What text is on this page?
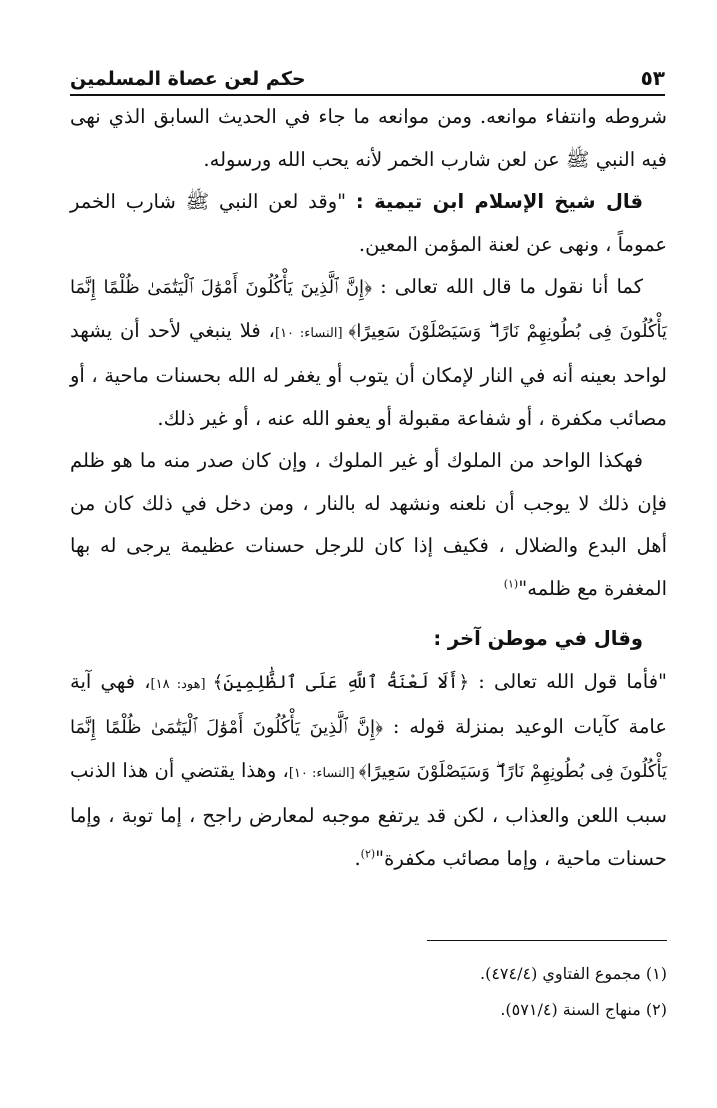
حكم لعن عصاة المسلمين	٥٣

شروطه وانتفاء موانعه. ومن موانعه ما جاء في الحديث السابق الذي نهى فيه النبي ﷺ عن لعن شارب الخمر لأنه يحب الله ورسوله.

قال شيخ الإسلام ابن تيمية : "وقد لعن النبي ﷺ شارب الخمر عموماً ، ونهى عن لعنة المؤمن المعين.

كما أنا نقول ما قال الله تعالى : ﴿إِنَّ ٱلَّذِينَ يَأْكُلُونَ أَمْوَٰلَ ٱلْيَتَٰمَىٰ ظُلْمًا إِنَّمَا يَأْكُلُونَ فِى بُطُونِهِمْ نَارًا ۖ وَسَيَصْلَوْنَ سَعِيرًا﴾ [النساء: ١٠]، فلا ينبغي لأحد أن يشهد لواحد بعينه أنه في النار لإمكان أن يتوب أو يغفر له الله بحسنات ماحية ، أو مصائب مكفرة ، أو شفاعة مقبولة أو يعفو الله عنه ، أو غير ذلك.

فهكذا الواحد من الملوك أو غير الملوك ، وإن كان صدر منه ما هو ظلم فإن ذلك لا يوجب أن نلعنه ونشهد له بالنار ، ومن دخل في ذلك كان من أهل البدع والضلال ، فكيف إذا كان للرجل حسنات عظيمة يرجى له بها المغفرة مع ظلمه"$^{(١)}$

وقال في موطن آخر :

"فأما قول الله تعالى : ﴿أَلَا لَعْنَةُ ٱللَّهِ عَلَى ٱلظَّٰلِمِينَ﴾ [هود: ١٨]، فهي آية عامة كآيات الوعيد بمنزلة قوله : ﴿إِنَّ ٱلَّذِينَ يَأْكُلُونَ أَمْوَٰلَ ٱلْيَتَٰمَىٰ ظُلْمًا إِنَّمَا يَأْكُلُونَ فِى بُطُونِهِمْ نَارًا ۖ وَسَيَصْلَوْنَ سَعِيرًا﴾ [النساء: ١٠]، وهذا يقتضي أن هذا الذنب سبب اللعن والعذاب ، لكن قد يرتفع موجبه لمعارض راجح ، إما توبة ، وإما حسنات ماحية ، وإما مصائب مكفرة"$^{(٢)}$.

(١) مجموع الفتاوي (٤٧٤/٤).

(٢) منهاج السنة (٥٧١/٤).
